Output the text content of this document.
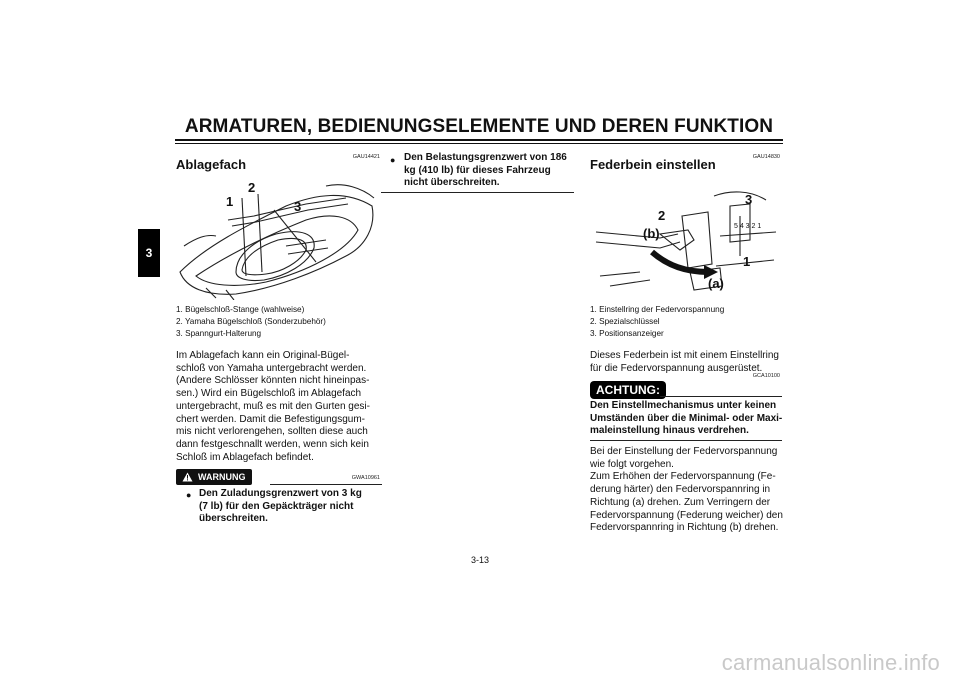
ARMATUREN, BEDIENUNGSELEMENTE UND DEREN FUNKTION
3
GAU14421
Ablagefach
1
2
3
1. Bügelschloß-Stange (wahlweise)
2. Yamaha Bügelschloß (Sonderzubehör)
3. Spanngurt-Halterung
Im Ablagefach kann ein Original-Bügel-
schloß von Yamaha untergebracht werden.
(Andere Schlösser könnten nicht hineinpas-
sen.) Wird ein Bügelschloß im Ablagefach
untergebracht, muß es mit den Gurten gesi-
chert werden. Damit die Befestigungsgum-
mis nicht verlorengehen, sollten diese auch
dann festgeschnallt werden, wenn sich kein
Schloß im Ablagefach befindet.
WARNUNG	GWA10961
● Den Zuladungsgrenzwert von 3 kg
(7 lb) für den Gepäckträger nicht
überschreiten.
● Den Belastungsgrenzwert von 186
kg (410 lb) für dieses Fahrzeug
nicht überschreiten.
GAU14830
Federbein einstellen
2
3
1
(b)
(a)
5 4 3 2 1
1. Einstellring der Federvorspannung
2. Spezialschlüssel
3. Positionsanzeiger
Dieses Federbein ist mit einem Einstellring
für die Federvorspannung ausgerüstet.
GCA10100
ACHTUNG:
Den Einstellmechanismus unter keinen
Umständen über die Minimal- oder Maxi-
maleinstellung hinaus verdrehen.
Bei der Einstellung der Federvorspannung
wie folgt vorgehen.
Zum Erhöhen der Federvorspannung (Fe-
derung härter) den Federvorspannring in
Richtung (a) drehen. Zum Verringern der
Federvorspannung (Federung weicher) den
Federvorspannring in Richtung (b) drehen.
3-13
carmanualsonline.info
